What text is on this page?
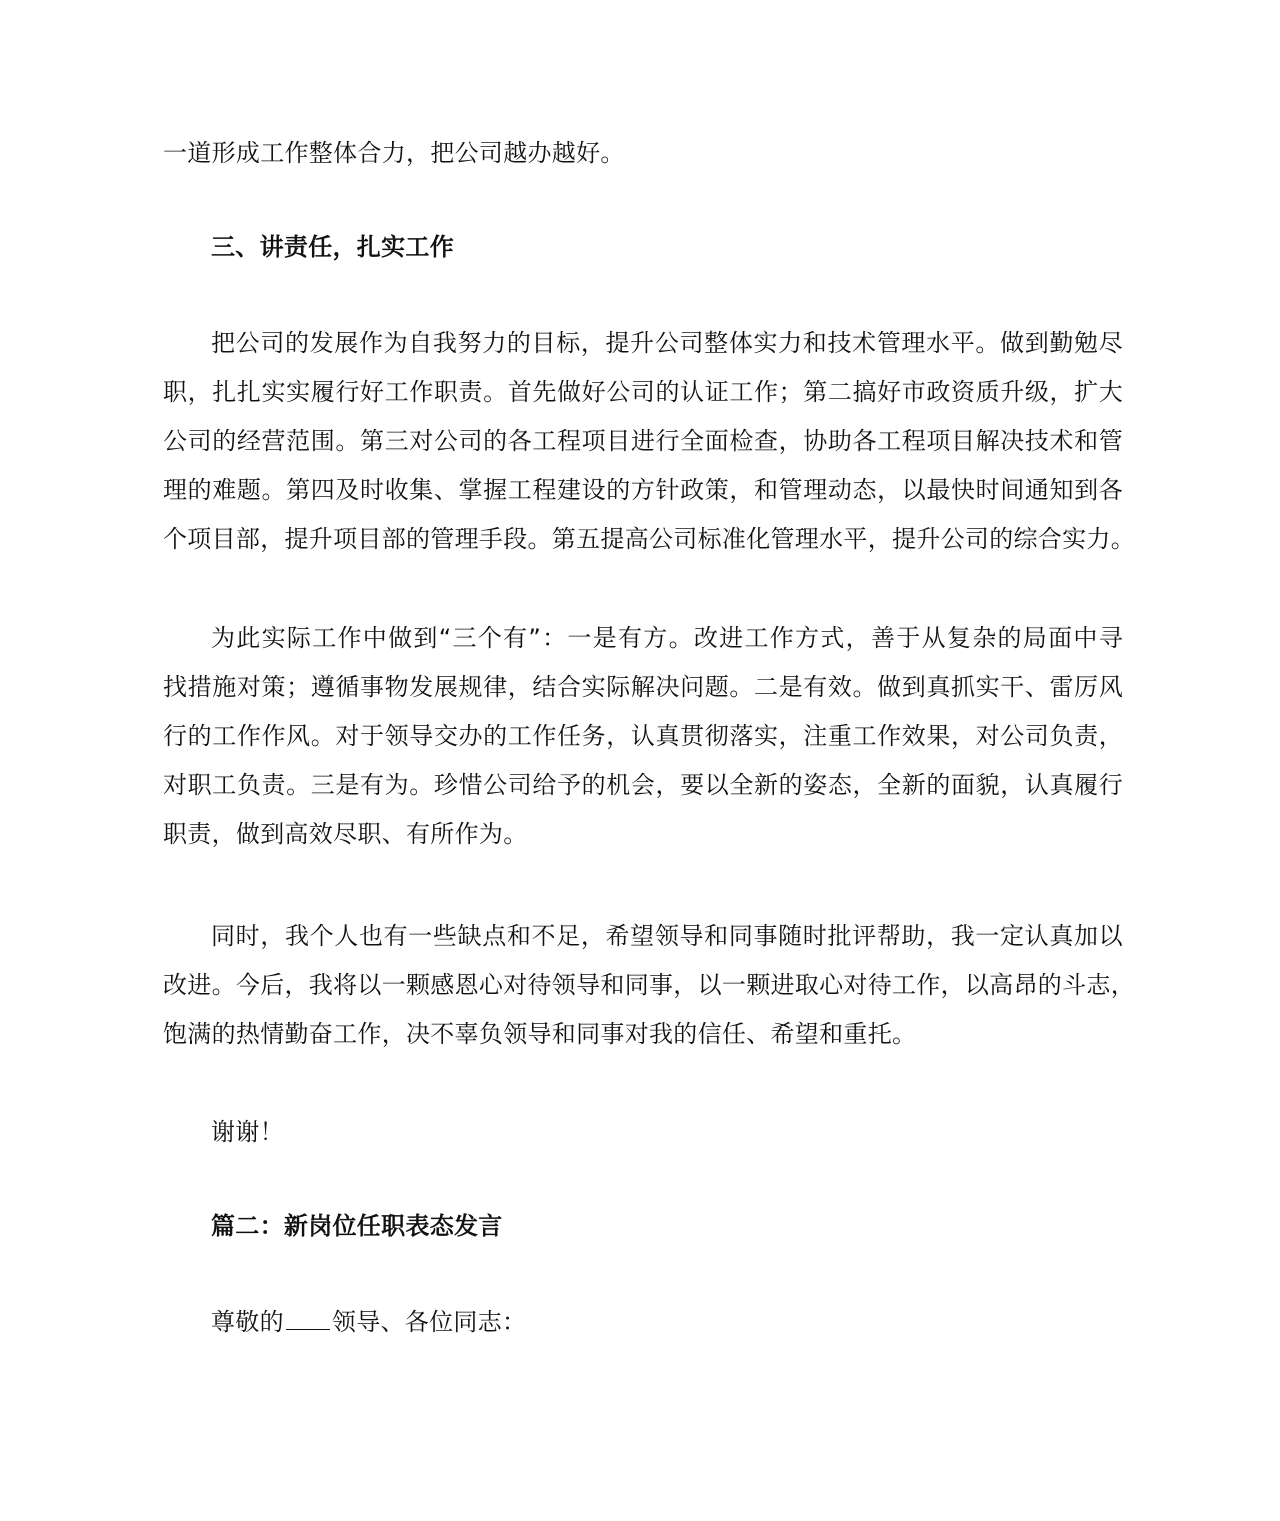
一道形成工作整体合力，把公司越办越好。
三、讲责任，扎实工作
把公司的发展作为自我努力的目标，提升公司整体实力和技术管理水平。做到勤勉尽
职，扎扎实实履行好工作职责。首先做好公司的认证工作；第二搞好市政资质升级，扩大
公司的经营范围。第三对公司的各工程项目进行全面检查，协助各工程项目解决技术和管
理的难题。第四及时收集、掌握工程建设的方针政策，和管理动态，以最快时间通知到各
个项目部，提升项目部的管理手段。第五提高公司标准化管理水平，提升公司的综合实力。
为此实际工作中做到“三个有”：一是有方。改进工作方式，善于从复杂的局面中寻
找措施对策；遵循事物发展规律，结合实际解决问题。二是有效。做到真抓实干、雷厉风
行的工作作风。对于领导交办的工作任务，认真贯彻落实，注重工作效果，对公司负责，
对职工负责。三是有为。珍惜公司给予的机会，要以全新的姿态，全新的面貌，认真履行
职责，做到高效尽职、有所作为。
同时，我个人也有一些缺点和不足，希望领导和同事随时批评帮助，我一定认真加以
改进。今后，我将以一颗感恩心对待领导和同事，以一颗进取心对待工作，以高昂的斗志，
饱满的热情勤奋工作，决不辜负领导和同事对我的信任、希望和重托。
谢谢！
篇二：新岗位任职表态发言
尊敬的 领导、各位同志：
